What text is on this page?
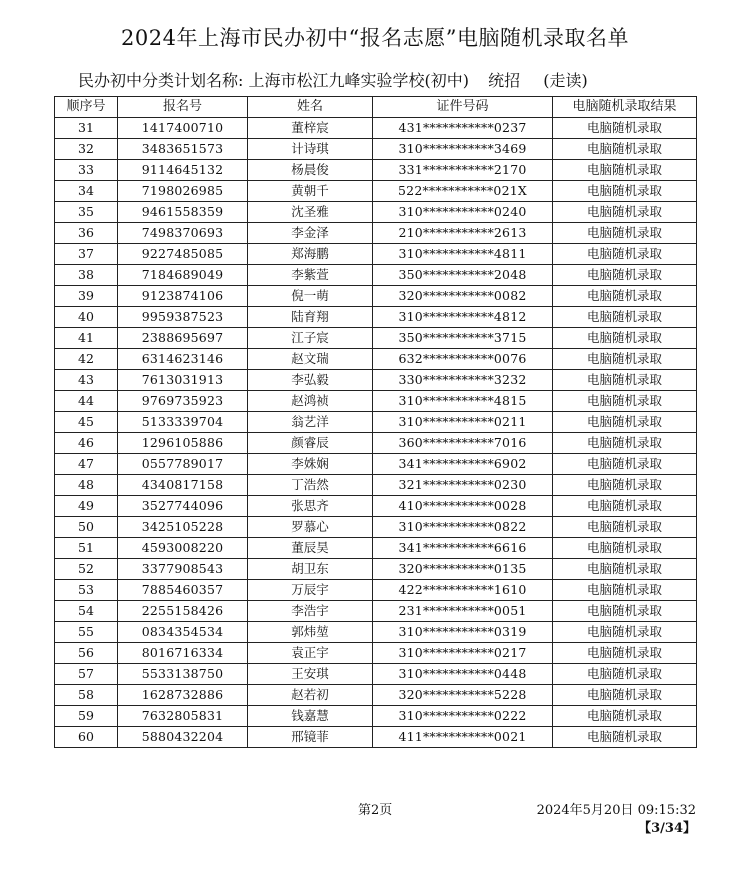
2024年上海市民办初中“报名志愿”电脑随机录取名单
民办初中分类计划名称: 上海市松江九峰实验学校(初中) 统招 (走读)
顺序号	报名号	姓名	证件号码	电脑随机录取结果
31	1417400710	董梓宸	431***********0237	电脑随机录取
32	3483651573	计诗琪	310***********3469	电脑随机录取
33	9114645132	杨晨俊	331***********2170	电脑随机录取
34	7198026985	黄朝千	522***********021X	电脑随机录取
35	9461558359	沈圣雅	310***********0240	电脑随机录取
36	7498370693	李金泽	210***********2613	电脑随机录取
37	9227485085	郑海鹏	310***********4811	电脑随机录取
38	7184689049	李紫萱	350***********2048	电脑随机录取
39	9123874106	倪一萌	320***********0082	电脑随机录取
40	9959387523	陆育翔	310***********4812	电脑随机录取
41	2388695697	江子宸	350***********3715	电脑随机录取
42	6314623146	赵文瑞	632***********0076	电脑随机录取
43	7613031913	李弘毅	330***********3232	电脑随机录取
44	9769735923	赵鸿祯	310***********4815	电脑随机录取
45	5133339704	翁艺洋	310***********0211	电脑随机录取
46	1296105886	颜睿辰	360***********7016	电脑随机录取
47	0557789017	李姝娴	341***********6902	电脑随机录取
48	4340817158	丁浩然	321***********0230	电脑随机录取
49	3527744096	张思齐	410***********0028	电脑随机录取
50	3425105228	罗慕心	310***********0822	电脑随机录取
51	4593008220	董辰昊	341***********6616	电脑随机录取
52	3377908543	胡卫东	320***********0135	电脑随机录取
53	7885460357	万辰宇	422***********1610	电脑随机录取
54	2255158426	李浩宇	231***********0051	电脑随机录取
55	0834354534	郭炜堃	310***********0319	电脑随机录取
56	8016716334	袁正宇	310***********0217	电脑随机录取
57	5533138750	王安琪	310***********0448	电脑随机录取
58	1628732886	赵若初	320***********5228	电脑随机录取
59	7632805831	钱嘉慧	310***********0222	电脑随机录取
60	5880432204	邢镜菲	411***********0021	电脑随机录取
第2页	2024年5月20日 09:15:32
【3/34】
